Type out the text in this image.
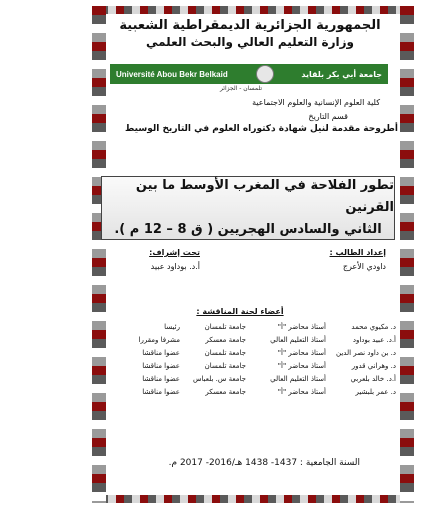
الجمهورية الجزائرية الديمقراطية الشعبية
وزارة التعليم العالي والبحث العلمي
Université Abou Bekr Belkaid	جامعة أبي بكر بلقايد
تلمسان - الجزائر
كلية العلوم الإنسانية والعلوم الاجتماعية
قسم التاريخ
أطروحة مقدمة لنيل شهادة دكتوراه العلوم في التاريخ الوسيط
تطور الفلاحة في المغرب الأوسط ما بين القرنين
الثاني والسادس الهجريين ( ق 8 – 12 م ).
إعداد الطالب :
داودي الأعرج
تحت إشراف:
أ.د. بوداود عبيد
أعضاء لجنة المناقشة :
د. مكيوي محمد
أستاذ محاضر "أ"
جامعة تلمسان
رئيسا
أ.د. عبيد بوداود
أستاذ التعليم العالي
جامعة معسكر
مشرفا ومقررا
د. بن داود نصر الدين
أستاذ محاضر "أ"
جامعة تلمسان
عضوا مناقشا
د. وهراني قدور
أستاذ محاضر "أ"
جامعة تلمسان
عضوا مناقشا
أ.د. خالد بلعربي
أستاذ التعليم العالي
جامعة س. بلعباس
عضوا مناقشا
د. عمر بلبشير
أستاذ محاضر "أ"
جامعة معسكر
عضوا مناقشا
السنة الجامعية : 1437- 1438 هـ/2016- 2017 م.
